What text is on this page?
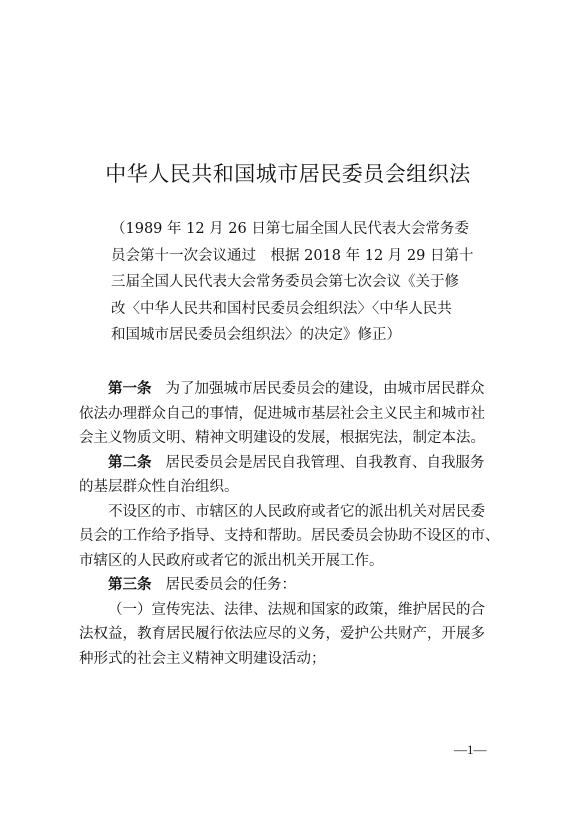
中华人民共和国城市居民委员会组织法
（1989 年 12 月 26 日第七届全国人民代表大会常务委
员会第十一次会议通过　根据 2018 年 12 月 29 日第十
三届全国人民代表大会常务委员会第七次会议《关于修
改〈中华人民共和国村民委员会组织法〉〈中华人民共
和国城市居民委员会组织法〉的决定》修正）

第一条 为了加强城市居民委员会的建设，由城市居民群众
依法办理群众自己的事情，促进城市基层社会主义民主和城市社
会主义物质文明、精神文明建设的发展，根据宪法，制定本法。

第二条 居民委员会是居民自我管理、自我教育、自我服务
的基层群众性自治组织。

不设区的市、市辖区的人民政府或者它的派出机关对居民委
员会的工作给予指导、支持和帮助。居民委员会协助不设区的市、
市辖区的人民政府或者它的派出机关开展工作。

第三条 居民委员会的任务：

（一）宣传宪法、法律、法规和国家的政策，维护居民的合
法权益，教育居民履行依法应尽的义务，爱护公共财产，开展多
种形式的社会主义精神文明建设活动；

—1—
